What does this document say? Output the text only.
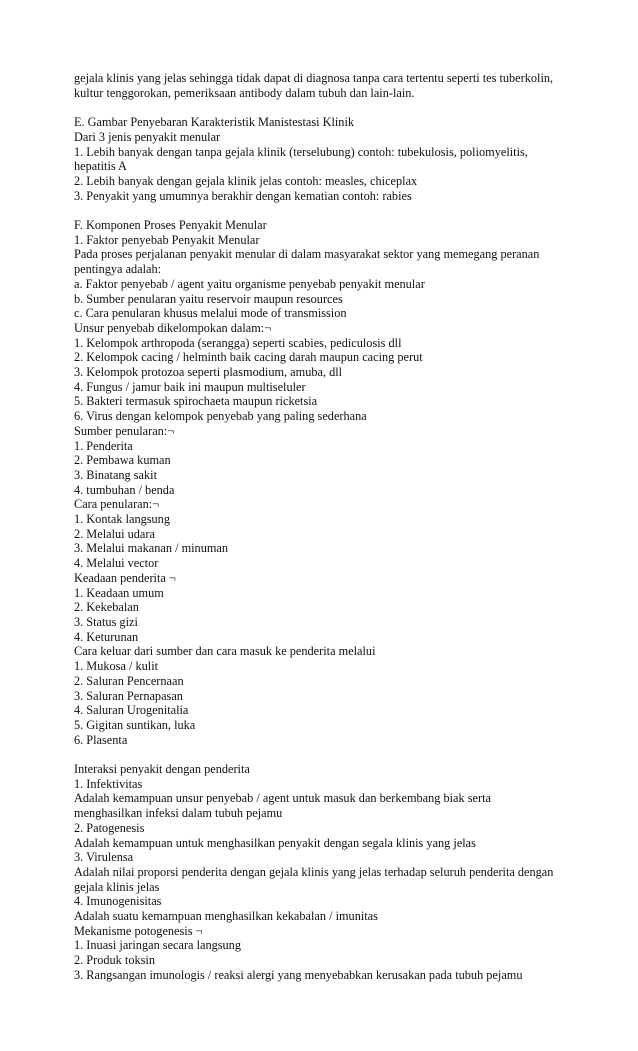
gejala klinis yang jelas sehingga tidak dapat di diagnosa tanpa cara tertentu seperti tes tuberkolin,
kultur tenggorokan, pemeriksaan antibody dalam tubuh dan lain-lain.
E. Gambar Penyebaran Karakteristik Manistestasi Klinik
Dari 3 jenis penyakit menular
1. Lebih banyak dengan tanpa gejala klinik (terselubung) contoh: tubekulosis, poliomyelitis,
hepatitis A
2. Lebih banyak dengan gejala klinik jelas contoh: measles, chiceplax
3. Penyakit yang umumnya berakhir dengan kematian contoh: rabies
F. Komponen Proses Penyakit Menular
1. Faktor penyebab Penyakit Menular
Pada proses perjalanan penyakit menular di dalam masyarakat sektor yang memegang peranan
pentingya adalah:
a. Faktor penyebab / agent yaitu organisme penyebab penyakit menular
b. Sumber penularan yaitu reservoir maupun resources
c. Cara penularan khusus melalui mode of transmission
Unsur penyebab dikelompokan dalam:¬
1. Kelompok arthropoda (serangga) seperti scabies, pediculosis dll
2. Kelompok cacing / helminth baik cacing darah maupun cacing perut
3. Kelompok protozoa seperti plasmodium, amuba, dll
4. Fungus / jamur baik ini maupun multiseluler
5. Bakteri termasuk spirochaeta maupun ricketsia
6. Virus dengan kelompok penyebab yang paling sederhana
Sumber penularan:¬
1. Penderita
2. Pembawa kuman
3. Binatang sakit
4. tumbuhan / benda
Cara penularan:¬
1. Kontak langsung
2. Melalui udara
3. Melalui makanan / minuman
4. Melalui vector
Keadaan penderita ¬
1. Keadaan umum
2. Kekebalan
3. Status gizi
4. Keturunan
Cara keluar dari sumber dan cara masuk ke penderita melalui
1. Mukosa / kulit
2. Saluran Pencernaan
3. Saluran Pernapasan
4. Saluran Urogenitalia
5. Gigitan suntikan, luka
6. Plasenta
Interaksi penyakit dengan penderita
1. Infektivitas
Adalah kemampuan unsur penyebab / agent untuk masuk dan berkembang biak serta
menghasilkan infeksi dalam tubuh pejamu
2. Patogenesis
Adalah kemampuan untuk menghasilkan penyakit dengan segala klinis yang jelas
3. Virulensa
Adalah nilai proporsi penderita dengan gejala klinis yang jelas terhadap seluruh penderita dengan
gejala klinis jelas
4. Imunogenisitas
Adalah suatu kemampuan menghasilkan kekabalan / imunitas
Mekanisme potogenesis ¬
1. Inuasi jaringan secara langsung
2. Produk toksin
3. Rangsangan imunologis / reaksi alergi yang menyebabkan kerusakan pada tubuh pejamu
